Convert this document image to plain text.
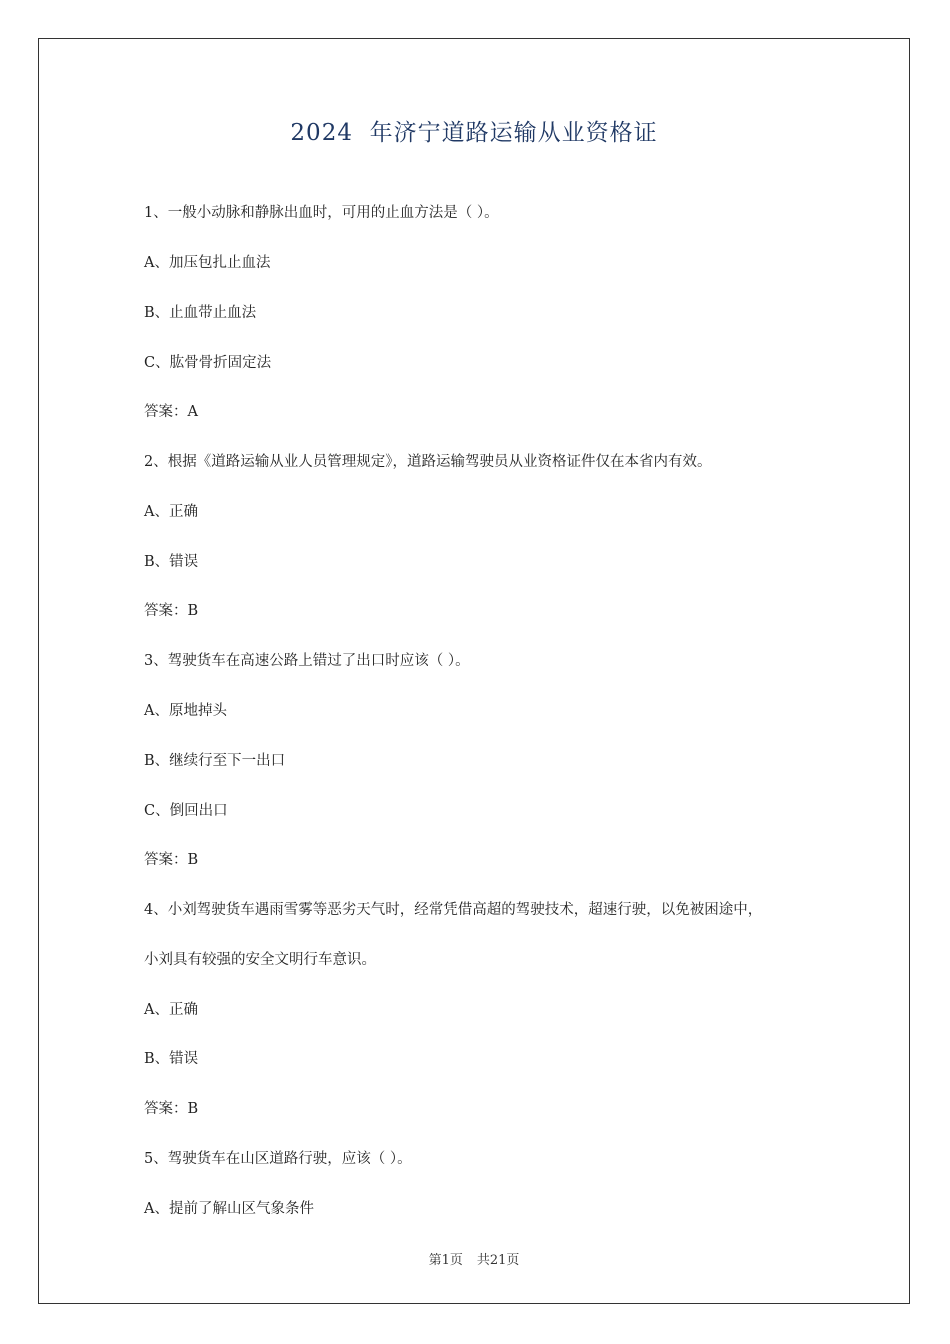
2024  年济宁道路运输从业资格证
1、一般小动脉和静脉出血时，可用的止血方法是（ ）。
A、加压包扎止血法
B、止血带止血法
C、肱骨骨折固定法
答案：A
2、根据《道路运输从业人员管理规定》，道路运输驾驶员从业资格证件仅在本省内有效。
A、正确
B、错误
答案：B
3、驾驶货车在高速公路上错过了出口时应该（ ）。
A、原地掉头
B、继续行至下一出口
C、倒回出口
答案：B
4、小刘驾驶货车遇雨雪雾等恶劣天气时，经常凭借高超的驾驶技术，超速行驶，以免被困途中，
小刘具有较强的安全文明行车意识。
A、正确
B、错误
答案：B
5、驾驶货车在山区道路行驶，应该（ ）。
A、提前了解山区气象条件
第1页 共21页
